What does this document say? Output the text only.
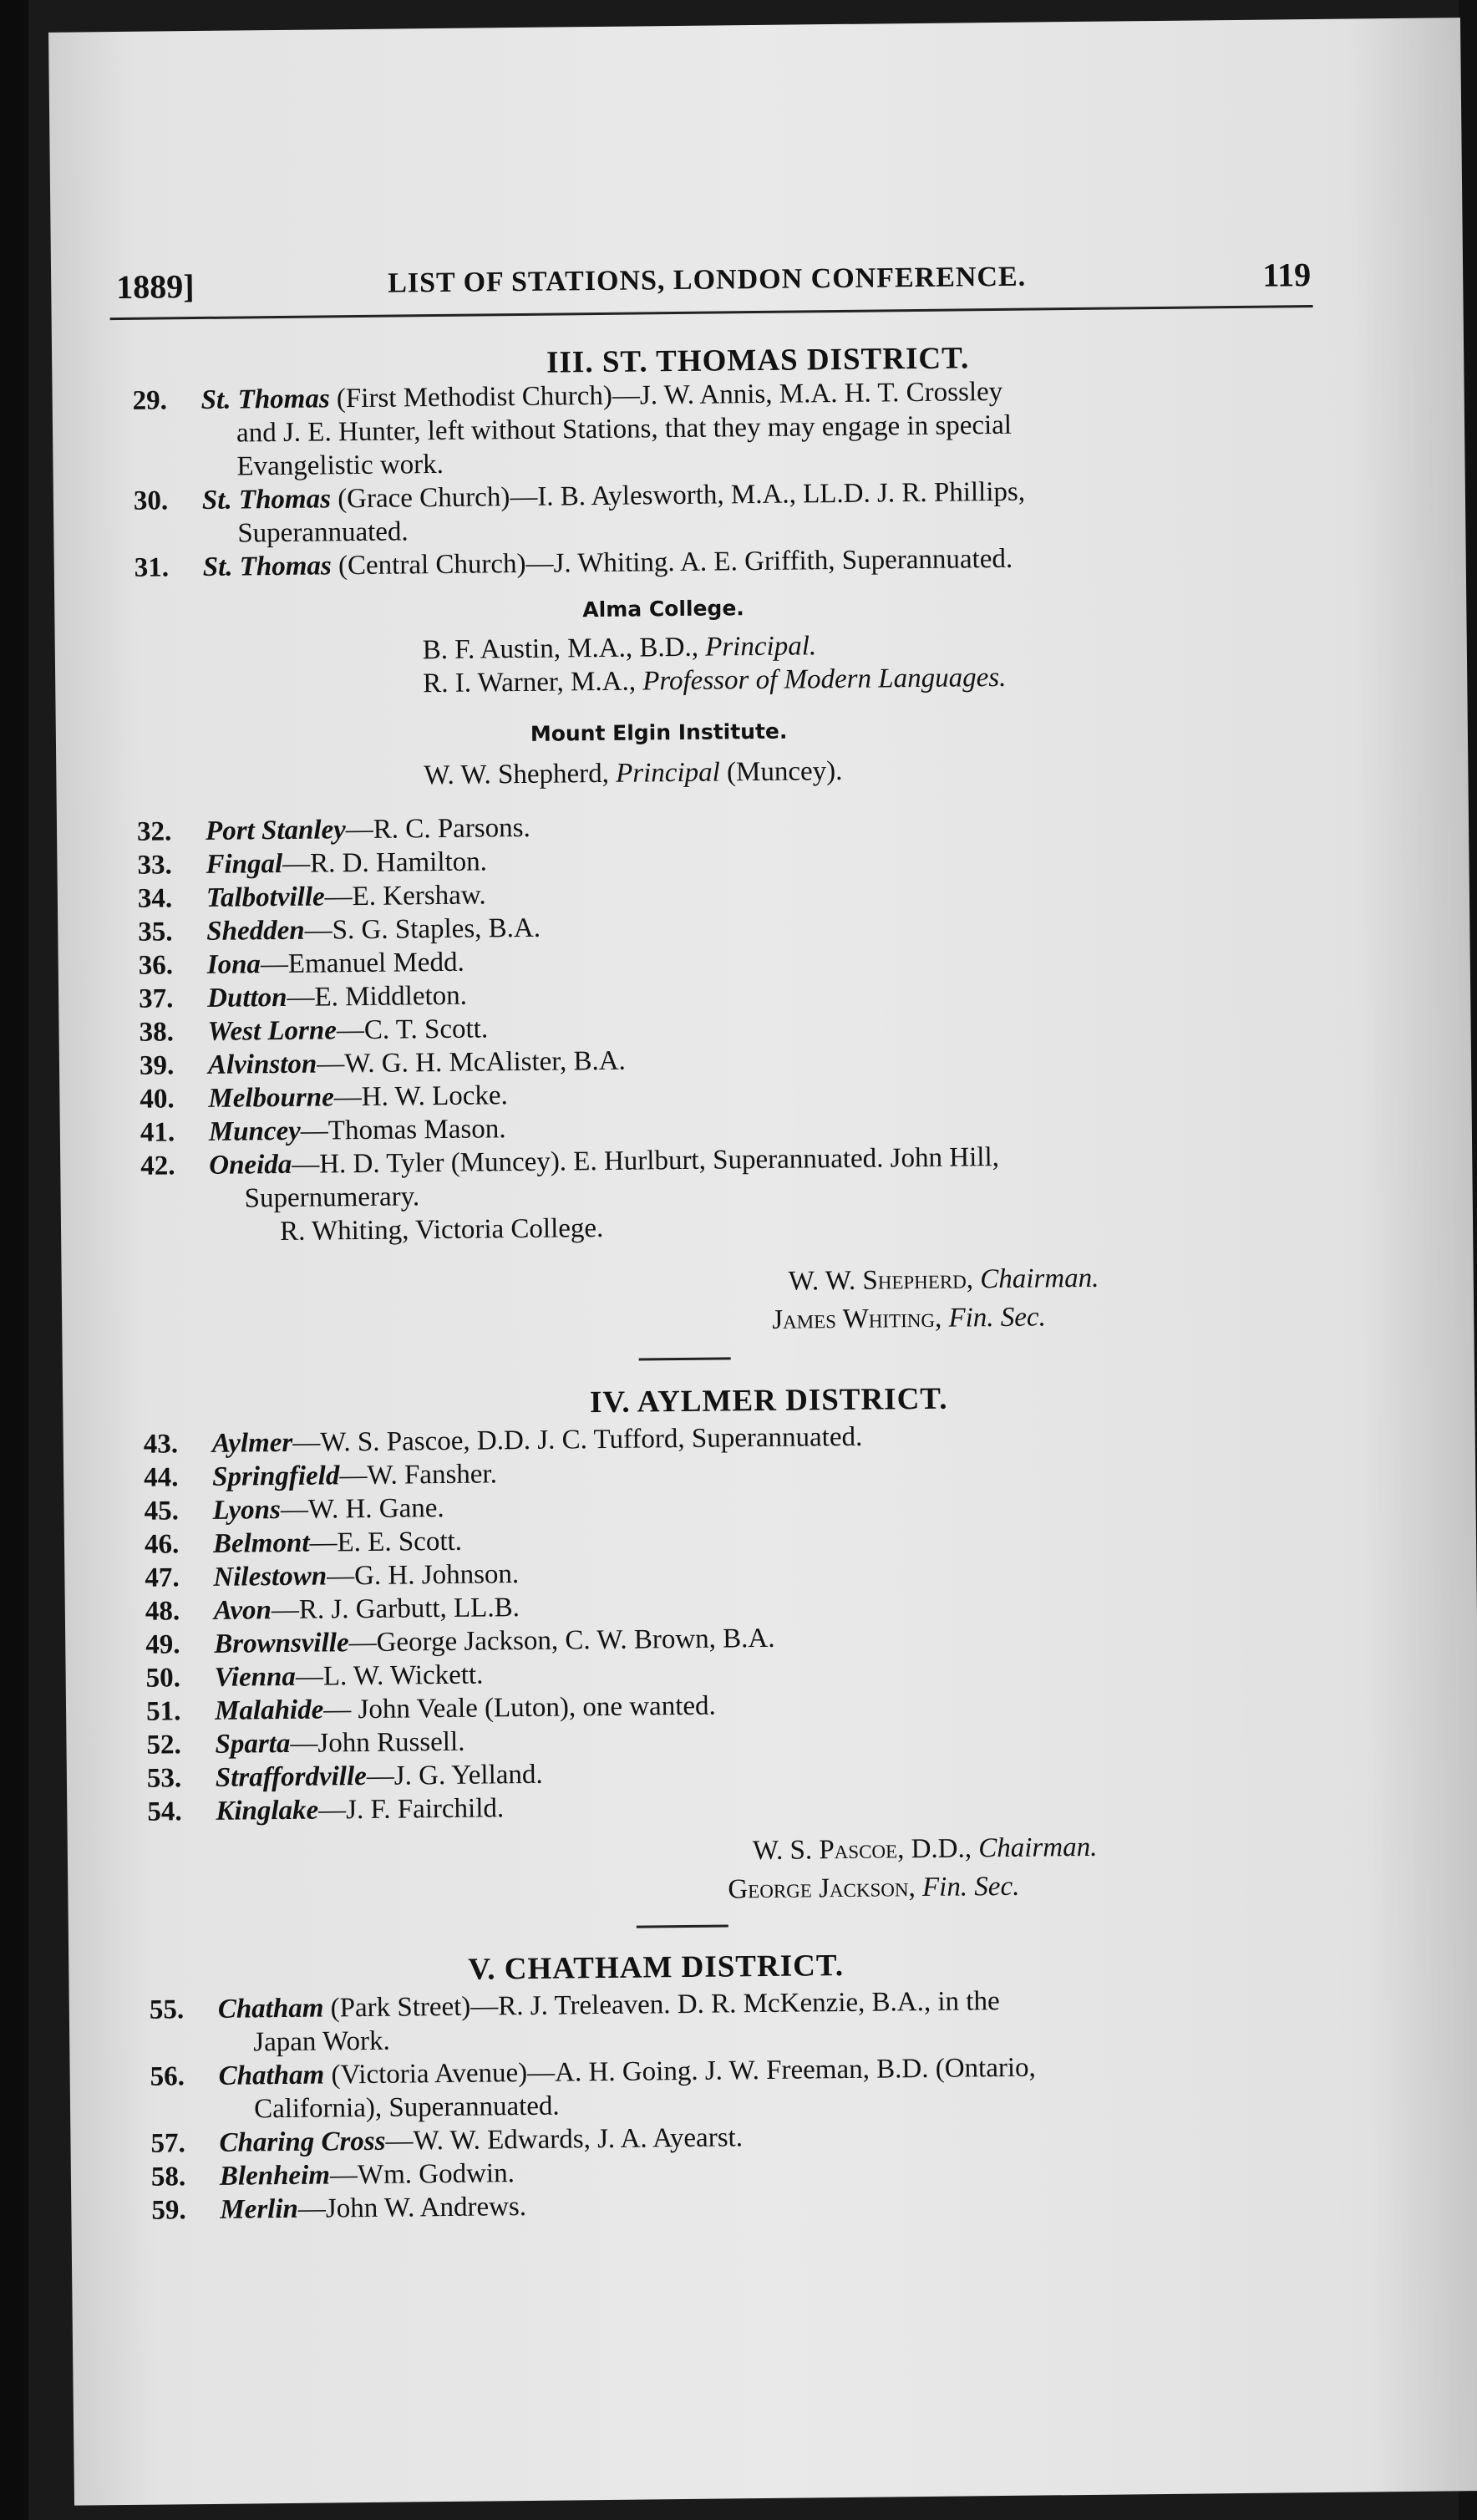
1889]	LIST OF STATIONS, LONDON CONFERENCE.	119

III. ST. THOMAS DISTRICT.

29. St. Thomas (First Methodist Church)—J. W. Annis, M.A. H. T. Crossley
and J. E. Hunter, left without Stations, that they may engage in special
Evangelistic work.
30. St. Thomas (Grace Church)—I. B. Aylesworth, M.A., LL.D. J. R. Phillips,
Superannuated.
31. St. Thomas (Central Church)—J. Whiting. A. E. Griffith, Superannuated.
Alma College.
B. F. Austin, M.A., B.D., Principal.
R. I. Warner, M.A., Professor of Modern Languages.
Mount Elgin Institute.
W. W. Shepherd, Principal (Muncey).
32. Port Stanley—R. C. Parsons.
33. Fingal—R. D. Hamilton.
34. Talbotville—E. Kershaw.
35. Shedden—S. G. Staples, B.A.
36. Iona—Emanuel Medd.
37. Dutton—E. Middleton.
38. West Lorne—C. T. Scott.
39. Alvinston—W. G. H. McAlister, B.A.
40. Melbourne—H. W. Locke.
41. Muncey—Thomas Mason.
42. Oneida—H. D. Tyler (Muncey). E. Hurlburt, Superannuated. John Hill,
Supernumerary.
R. Whiting, Victoria College.
W. W. Shepherd, Chairman.
James Whiting, Fin. Sec.

IV. AYLMER DISTRICT.

43. Aylmer—W. S. Pascoe, D.D. J. C. Tufford, Superannuated.
44. Springfield—W. Fansher.
45. Lyons—W. H. Gane.
46. Belmont—E. E. Scott.
47. Nilestown—G. H. Johnson.
48. Avon—R. J. Garbutt, LL.B.
49. Brownsville—George Jackson, C. W. Brown, B.A.
50. Vienna—L. W. Wickett.
51. Malahide— John Veale (Luton), one wanted.
52. Sparta—John Russell.
53. Straffordville—J. G. Yelland.
54. Kinglake—J. F. Fairchild.
W. S. Pascoe, D.D., Chairman.
George Jackson, Fin. Sec.

V. CHATHAM DISTRICT.

55. Chatham (Park Street)—R. J. Treleaven. D. R. McKenzie, B.A., in the
Japan Work.
56. Chatham (Victoria Avenue)—A. H. Going. J. W. Freeman, B.D. (Ontario,
California), Superannuated.
57. Charing Cross—W. W. Edwards, J. A. Ayearst.
58. Blenheim—Wm. Godwin.
59. Merlin—John W. Andrews.
